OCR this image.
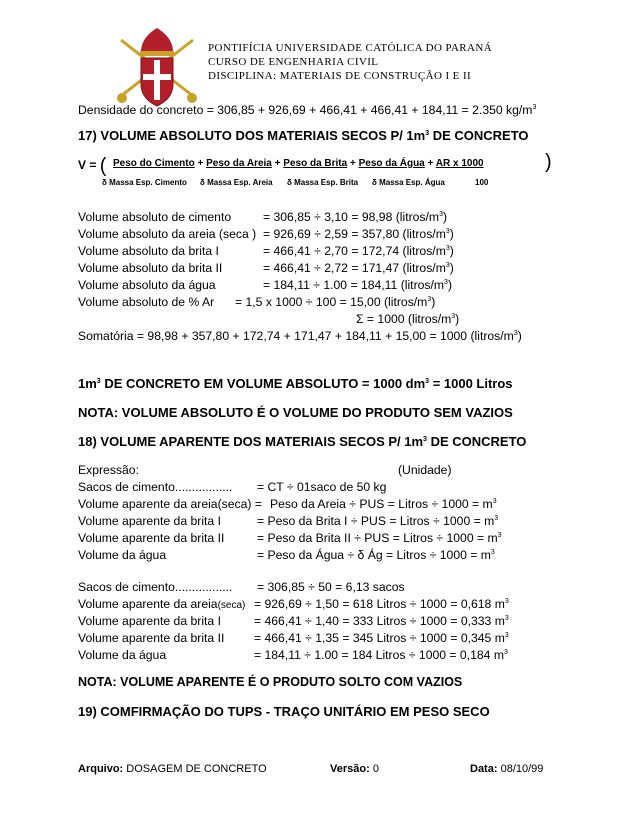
PONTIFÍCIA UNIVERSIDADE CATÓLICA DO PARANÁ
CURSO DE ENGENHARIA CIVIL
DISCIPLINA: MATERIAIS DE CONSTRUÇÃO I E II
Densidade do concreto = 306,85 + 926,69 + 466,41 + 466,41 + 184,11 = 2.350 $kg/m^3$
17) VOLUME ABSOLUTO DOS MATERIAIS SECOS P/ $1m^3$ DE CONCRETO
V = ( Peso do Cimento + Peso da Areia + Peso da Brita + Peso da Água + AR x 1000	)
δ Massa Esp. Cimento δ Massa Esp. Areia δ Massa Esp. Brita δ Massa Esp. Água	100
Volume absoluto de cimento	= 306,85 ÷ 3,10 = 98,98 $(litros/m^3)$
Volume absoluto da areia (seca ) = 926,69 ÷ 2,59 = 357,80 $(litros/m^3)$
Volume absoluto da brita I	= 466,41 ÷ 2,70 = 172,74 $(litros/m^3)$
Volume absoluto da brita II	= 466,41 ÷ 2,72 = 171,47 $(litros/m^3)$
Volume absoluto da água	= 184,11 ÷ 1.00 = 184,11 $(litros/m^3)$
Volume absoluto de % Ar = 1,5 x 1000 ÷ 100 = 15,00 $(litros/m^3)$
Σ = 1000 $(litros/m^3)$
Somatória = 98,98 + 357,80 + 172,74 + 171,47 + 184,11 + 15,00 = 1000 $(litros/m^3)$
$1m^3$ DE CONCRETO EM VOLUME ABSOLUTO = 1000 $dm^3 = 1000$ Litros
NOTA: VOLUME ABSOLUTO É O VOLUME DO PRODUTO SEM VAZIOS
18) VOLUME APARENTE DOS MATERIAIS SECOS P/ $1m^3$ DE CONCRETO
Expressão:	(Unidade)
Sacos de cimento................. = CT ÷ 01saco de 50 kg
Volume aparente da areia(seca) = Peso da Areia ÷ PUS = Litros ÷ $1000 = m^3$
Volume aparente da brita I	= Peso da Brita I ÷ PUS = Litros ÷ $1000 = m^3$
Volume aparente da brita II	= Peso da Brita II ÷ PUS = Litros ÷ $1000 = m^3$
Volume da água	= Peso da Água ÷ δ Ág = Litros ÷ $1000 = m^3$
Sacos de cimento................. = 306,85 ÷ 50 = 6,13 sacos
Volume aparente da areia(seca) = 926,69 ÷ 1,50 = 618 Litros ÷ 1000 = 0,618 $m^3$
Volume aparente da brita I	= 466,41 ÷ 1,40 = 333 Litros ÷ 1000 = 0,333 $m^3$
Volume aparente da brita II = 466,41 ÷ 1,35 = 345 Litros ÷ 1000 = 0,345 $m^3$
Volume da água	= 184,11 ÷ 1.00 = 184 Litros ÷ 1000 = 0,184 $m^3$
NOTA: VOLUME APARENTE É O PRODUTO SOLTO COM VAZIOS
19) COMFIRMAÇÃO DO TUPS - TRAÇO UNITÁRIO EM PESO SECO
Arquivo: DOSAGEM DE CONCRETO	Versão: 0	Data: 08/10/99
